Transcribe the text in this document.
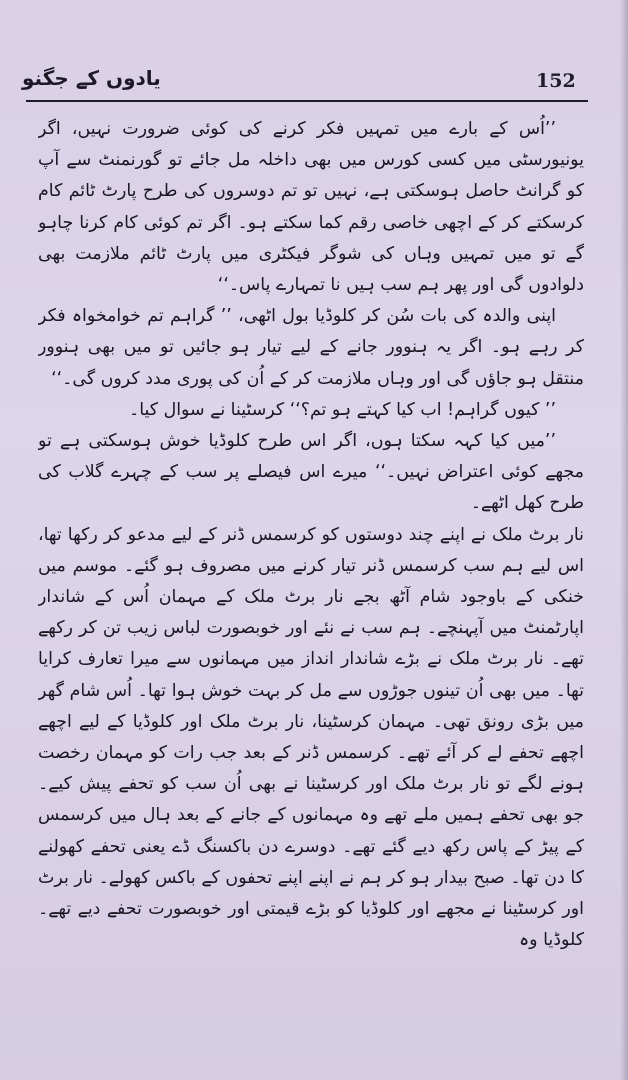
یادوں کے جگنو	152

’’اُس کے بارے میں تمہیں فکر کرنے کی کوئی ضرورت نہیں، اگر یونیورسٹی میں کسی کورس میں بھی داخلہ مل جائے تو گورنمنٹ سے آپ کو گرانٹ حاصل ہوسکتی ہے، نہیں تو تم دوسروں کی طرح پارٹ ٹائم کام کرسکتے کر کے اچھی خاصی رقم کما سکتے ہو۔ اگر تم کوئی کام کرنا چاہو گے تو میں تمہیں وہاں کی شوگر فیکٹری میں پارٹ ٹائم ملازمت بھی دلوادوں گی اور پھر ہم سب ہیں نا تمہارے پاس۔‘‘

اپنی والدہ کی بات سُن کر کلوڈیا بول اٹھی، ’’ گراہم تم خوامخواہ فکر کر رہے ہو۔ اگر یہ ہنوور جانے کے لیے تیار ہو جائیں تو میں بھی ہنوور منتقل ہو جاؤں گی اور وہاں ملازمت کر کے اُن کی پوری مدد کروں گی۔‘‘

’’ کیوں گراہم! اب کیا کہتے ہو تم؟‘‘ کرسٹینا نے سوال کیا۔

’’میں کیا کہہ سکتا ہوں، اگر اس طرح کلوڈیا خوش ہوسکتی ہے تو مجھے کوئی اعتراض نہیں۔‘‘ میرے اس فیصلے پر سب کے چہرے گلاب کی طرح کھل اٹھے۔

نار برٹ ملک نے اپنے چند دوستوں کو کرسمس ڈنر کے لیے مدعو کر رکھا تھا، اس لیے ہم سب کرسمس ڈنر تیار کرنے میں مصروف ہو گئے۔ موسم میں خنکی کے باوجود شام آٹھ بجے نار برٹ ملک کے مہمان اُس کے شاندار اپارٹمنٹ میں آپہنچے۔ ہم سب نے نئے اور خوبصورت لباس زیب تن کر رکھے تھے۔ نار برٹ ملک نے بڑے شاندار انداز میں مہمانوں سے میرا تعارف کرایا تھا۔ میں بھی اُن تینوں جوڑوں سے مل کر بہت خوش ہوا تھا۔ اُس شام گھر میں بڑی رونق تھی۔ مہمان کرسٹینا، نار برٹ ملک اور کلوڈیا کے لیے اچھے اچھے تحفے لے کر آئے تھے۔ کرسمس ڈنر کے بعد جب رات کو مہمان رخصت ہونے لگے تو نار برٹ ملک اور کرسٹینا نے بھی اُن سب کو تحفے پیش کیے۔ جو بھی تحفے ہمیں ملے تھے وہ مہمانوں کے جانے کے بعد ہال میں کرسمس کے پیڑ کے پاس رکھ دیے گئے تھے۔ دوسرے دن باکسنگ ڈے یعنی تحفے کھولنے کا دن تھا۔ صبح بیدار ہو کر ہم نے اپنے اپنے تحفوں کے باکس کھولے۔ نار برٹ اور کرسٹینا نے مجھے اور کلوڈیا کو بڑے قیمتی اور خوبصورت تحفے دیے تھے۔ کلوڈیا وہ
